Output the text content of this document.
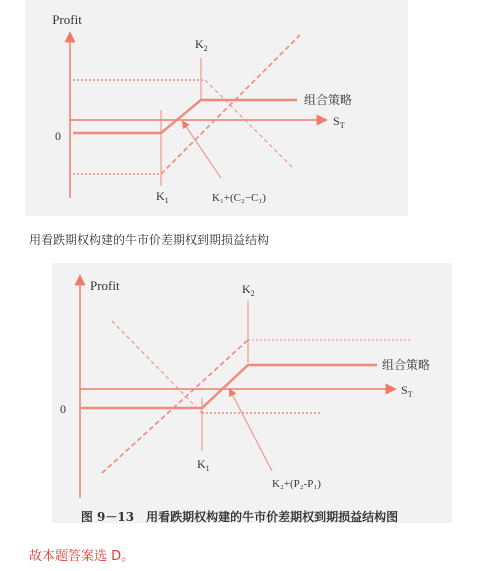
Profit
0
$S_T$
$K_2$
$K_1$	K₁+(C₂−C₁)
组合策略
用看跌期权构建的牛市价差期权到期损益结构
Profit
0
$S_T$
$K_2$
$K_1$
K₂+(P₂-P₁)
组合策略
图 9－13　用看跌期权构建的牛市价差期权到期损益结构图
故本题答案选 D。
